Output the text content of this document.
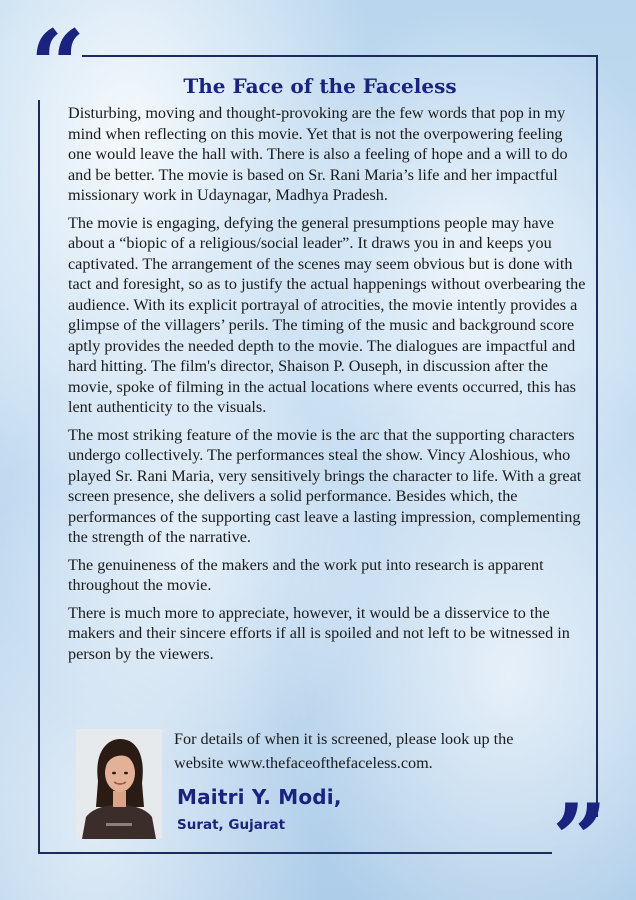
“
”
The Face of the Faceless

Disturbing, moving and thought-provoking are the few words that pop in my mind when reflecting on this movie. Yet that is not the overpowering feeling one would leave the hall with. There is also a feeling of hope and a will to do and be better. The movie is based on Sr. Rani Maria’s life and her impactful missionary work in Udaynagar, Madhya Pradesh.

The movie is engaging, defying the general presumptions people may have about a “biopic of a religious/social leader”. It draws you in and keeps you captivated. The arrangement of the scenes may seem obvious but is done with tact and foresight, so as to justify the actual happenings without overbearing the audience. With its explicit portrayal of atrocities, the movie intently provides a glimpse of the villagers’ perils. The timing of the music and background score aptly provides the needed depth to the movie. The dialogues are impactful and hard hitting. The film's director, Shaison P. Ouseph, in discussion after the movie, spoke of filming in the actual locations where events occurred, this has lent authenticity to the visuals.

The most striking feature of the movie is the arc that the supporting characters undergo collectively. The performances steal the show. Vincy Aloshious, who played Sr. Rani Maria, very sensitively brings the character to life. With a great screen presence, she delivers a solid performance. Besides which, the performances of the supporting cast leave a lasting impression, complementing the strength of the narrative.

The genuineness of the makers and the work put into research is apparent throughout the movie.

There is much more to appreciate, however, it would be a disservice to the makers and their sincere efforts if all is spoiled and not left to be witnessed in person by the viewers.

For details of when it is screened, please look up the
website www.thefaceofthefaceless.com.
Maitri Y. Modi,
Surat, Gujarat
